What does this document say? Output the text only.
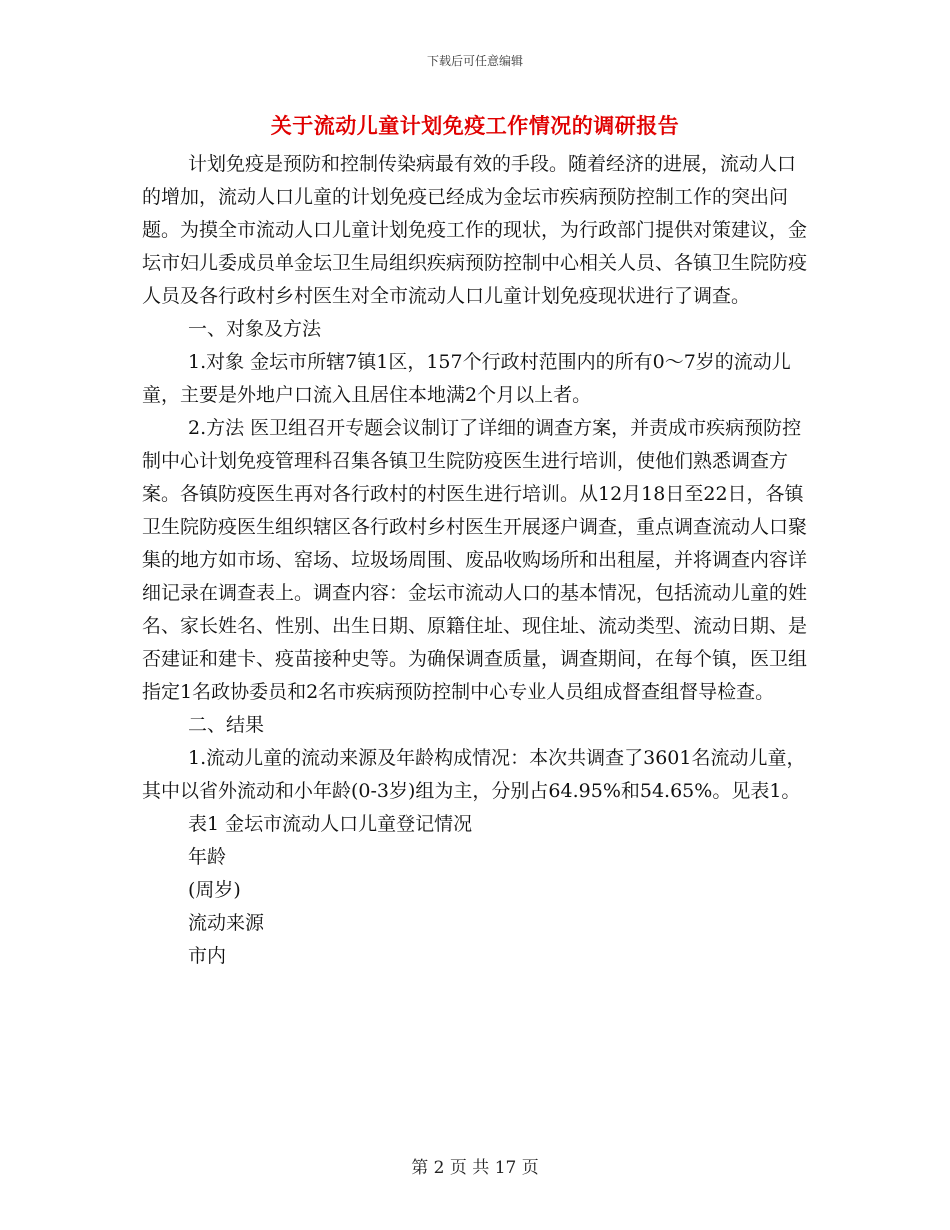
下载后可任意编辑
关于流动儿童计划免疫工作情况的调研报告

计划免疫是预防和控制传染病最有效的手段。随着经济的进展，流动人口的增加，流动人口儿童的计划免疫已经成为金坛市疾病预防控制工作的突出问题。为摸全市流动人口儿童计划免疫工作的现状，为行政部门提供对策建议，金坛市妇儿委成员单金坛卫生局组织疾病预防控制中心相关人员、各镇卫生院防疫人员及各行政村乡村医生对全市流动人口儿童计划免疫现状进行了调查。

一、对象及方法

1.对象 金坛市所辖7镇1区，157个行政村范围内的所有0～7岁的流动儿童，主要是外地户口流入且居住本地满2个月以上者。

2.方法 医卫组召开专题会议制订了详细的调查方案，并责成市疾病预防控制中心计划免疫管理科召集各镇卫生院防疫医生进行培训，使他们熟悉调查方案。各镇防疫医生再对各行政村的村医生进行培训。从12月18日至22日，各镇卫生院防疫医生组织辖区各行政村乡村医生开展逐户调查，重点调查流动人口聚集的地方如市场、窑场、垃圾场周围、废品收购场所和出租屋，并将调查内容详细记录在调查表上。调查内容：金坛市流动人口的基本情况，包括流动儿童的姓名、家长姓名、性别、出生日期、原籍住址、现住址、流动类型、流动日期、是否建证和建卡、疫苗接种史等。为确保调查质量，调查期间，在每个镇，医卫组指定1名政协委员和2名市疾病预防控制中心专业人员组成督查组督导检查。

二、结果

1.流动儿童的流动来源及年龄构成情况：本次共调查了3601名流动儿童，其中以省外流动和小年龄(0-3岁)组为主，分别占64.95%和54.65%。见表1。

表1 金坛市流动人口儿童登记情况

年龄

(周岁)

流动来源

市内

第 2 页 共 17 页
